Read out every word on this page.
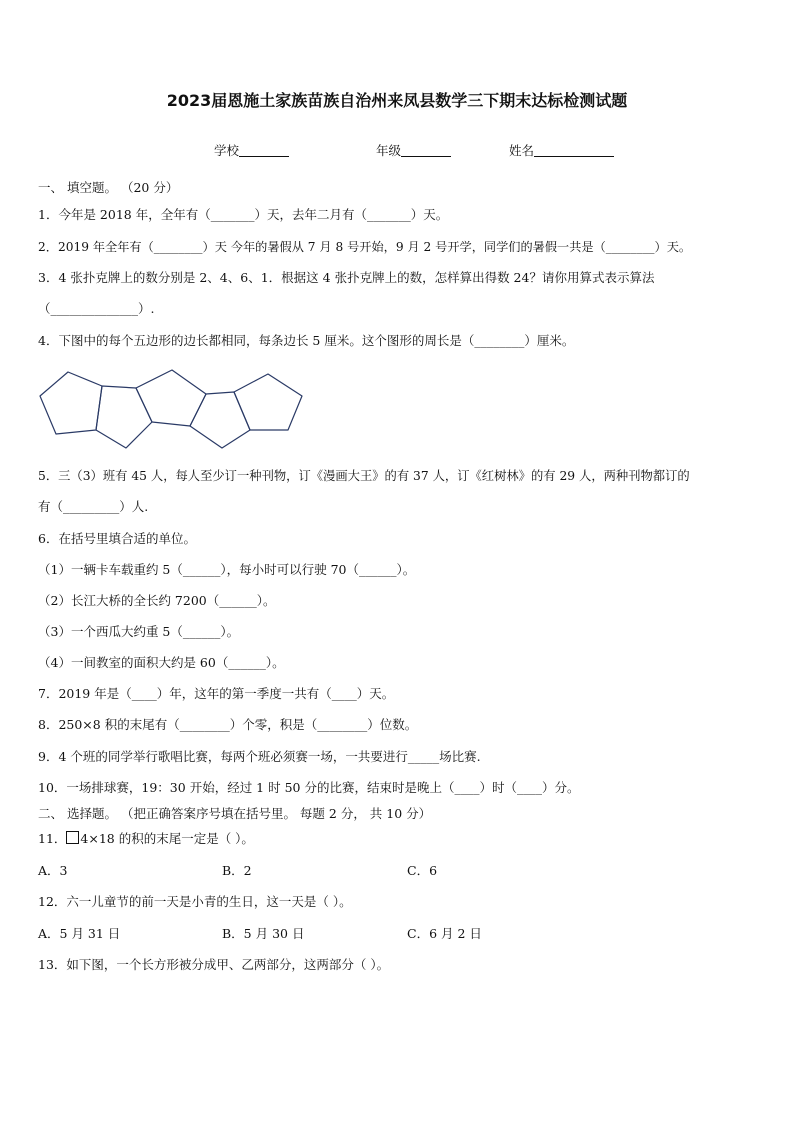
2023届恩施土家族苗族自治州来凤县数学三下期末达标检测试题
学校	年级	姓名
一、 填空题。 （20 分）
1．今年是 2018 年，全年有（_______）天，去年二月有（_______）天。
2．2019 年全年有（________）天 今年的暑假从 7 月 8 号开始，9 月 2 号开学，同学们的暑假一共是（________）天。
3．4 张扑克牌上的数分别是 2、4、6、1．根据这 4 张扑克牌上的数，怎样算出得数 24？请你用算式表示算法
（______________）.
4．下图中的每个五边形的边长都相同，每条边长 5 厘米。这个图形的周长是（________）厘米。
5．三（3）班有 45 人，每人至少订一种刊物，订《漫画大王》的有 37 人，订《红树林》的有 29 人，两种刊物都订的
有（_________）人.
6．在括号里填合适的单位。
（1）一辆卡车载重约 5（______），每小时可以行驶 70（______）。
（2）长江大桥的全长约 7200（______）。
（3）一个西瓜大约重 5（______）。
（4）一间教室的面积大约是 60（______）。
7．2019 年是（____）年，这年的第一季度一共有（____）天。
8．250×8 积的末尾有（________）个零，积是（________）位数。
9．4 个班的同学举行歌唱比赛，每两个班必须赛一场，一共要进行_____场比赛.
10．一场排球赛，19：30 开始，经过 1 时 50 分的比赛，结束时是晚上（____）时（____）分。
二、 选择题。 （把正确答案序号填在括号里。 每题 2 分， 共 10 分）
11． 4×18 的积的末尾一定是（ ）。
A．3	B．2	C．6
12．六一儿童节的前一天是小青的生日，这一天是（ ）。
A．5 月 31 日	B．5 月 30 日	C．6 月 2 日
13．如下图，一个长方形被分成甲、乙两部分，这两部分（ ）。
